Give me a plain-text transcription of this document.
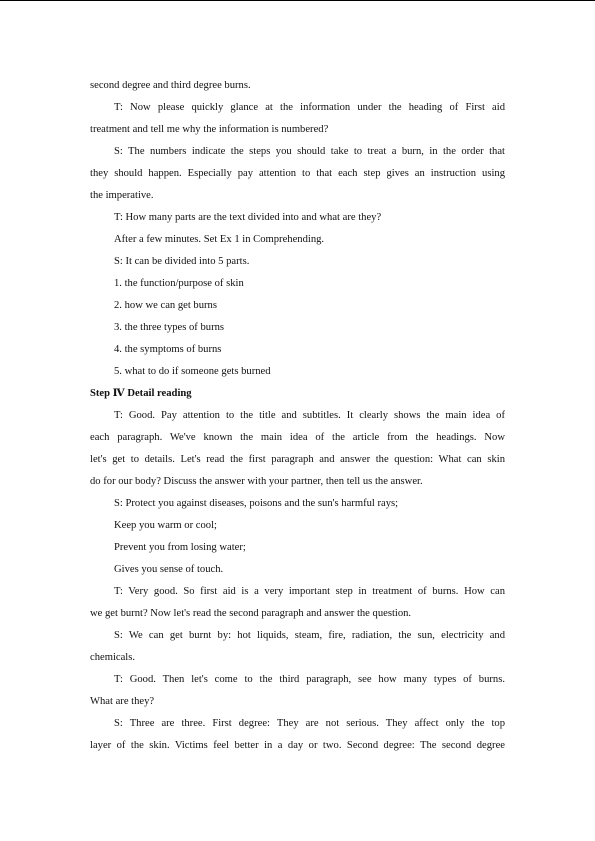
second degree and third degree burns.
T: Now please quickly glance at the information under the heading of First aid
treatment and tell me why the information is numbered?
S: The numbers indicate the steps you should take to treat a burn, in the order that
they should happen. Especially pay attention to that each step gives an instruction using
the imperative.
T: How many parts are the text divided into and what are they?
After a few minutes. Set Ex 1 in Comprehending.
S: It can be divided into 5 parts.
1. the function/purpose of skin
2. how we can get burns
3. the three types of burns
4. the symptoms of burns
5. what to do if someone gets burned
Step Ⅳ Detail reading
T: Good. Pay attention to the title and subtitles. It clearly shows the main idea of
each paragraph. We've known the main idea of the article from the headings. Now
let's get to details. Let's read the first paragraph and answer the question: What can skin
do for our body? Discuss the answer with your partner, then tell us the answer.
S: Protect you against diseases, poisons and the sun's harmful rays;
Keep you warm or cool;
Prevent you from losing water;
Gives you sense of touch.
T: Very good. So first aid is a very important step in treatment of burns. How can
we get burnt? Now let's read the second paragraph and answer the question.
S: We can get burnt by: hot liquids, steam, fire, radiation, the sun, electricity and
chemicals.
T: Good. Then let's come to the third paragraph, see how many types of burns.
What are they?
S: Three are three. First degree: They are not serious. They affect only the top
layer of the skin. Victims feel better in a day or two. Second degree: The second degree
